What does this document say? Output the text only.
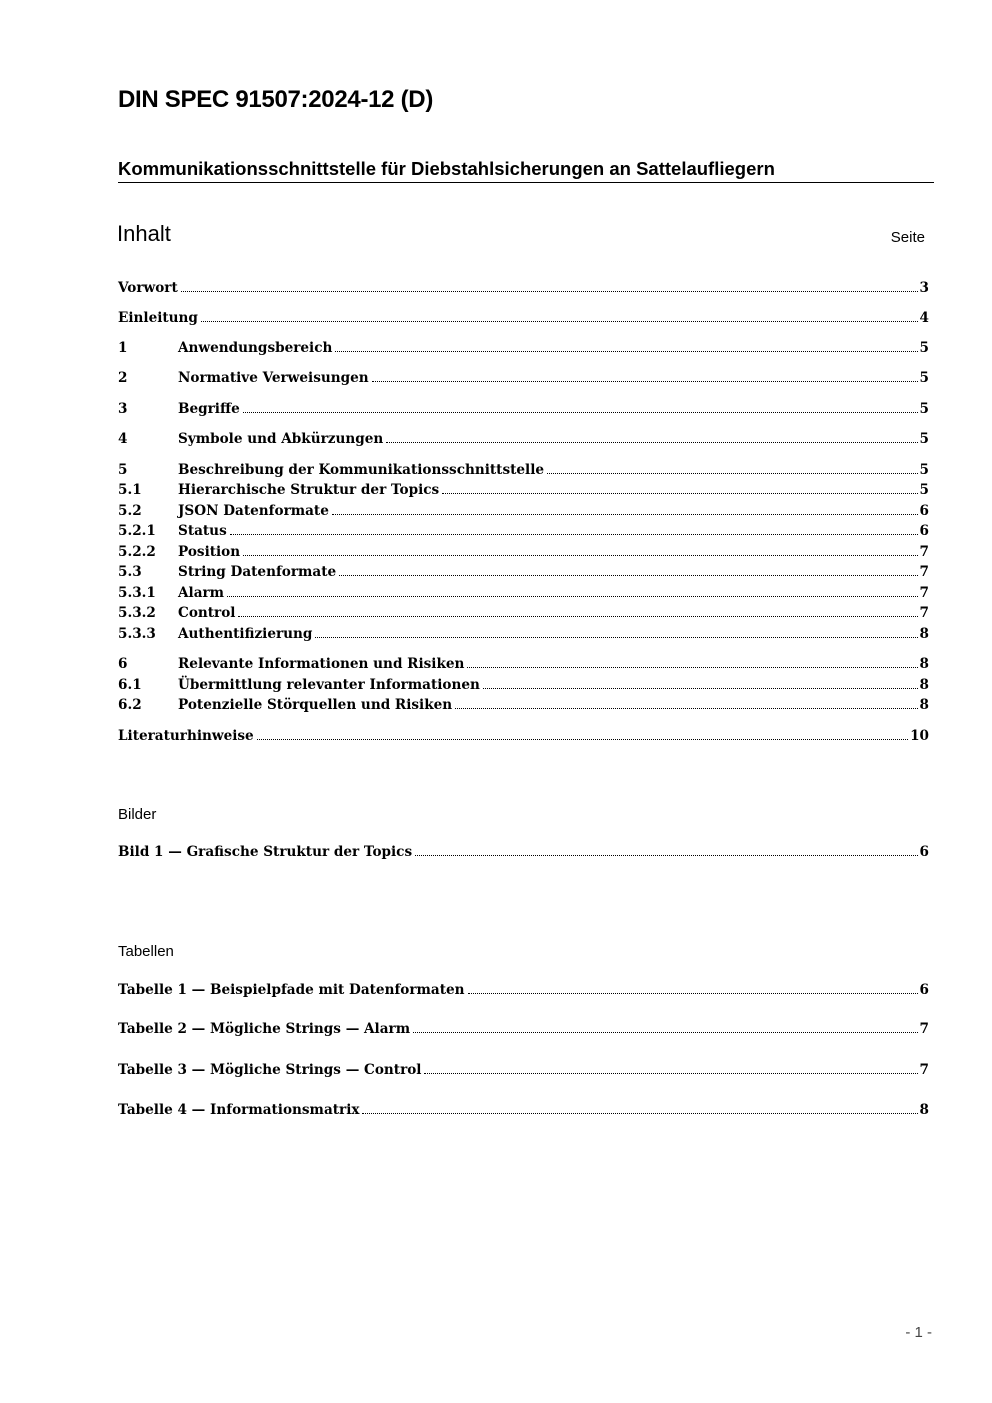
DIN SPEC 91507:2024-12 (D)
Kommunikationsschnittstelle für Diebstahlsicherungen an Sattelaufliegern
Inhalt	Seite
Vorwort	3
Einleitung	4
1	Anwendungsbereich	5
2	Normative Verweisungen	5
3	Begriffe	5
4	Symbole und Abkürzungen	5
5	Beschreibung der Kommunikationsschnittstelle	5
5.1	Hierarchische Struktur der Topics	5
5.2	JSON Datenformate	6
5.2.1	Status	6
5.2.2	Position	7
5.3	String Datenformate	7
5.3.1	Alarm	7
5.3.2	Control	7
5.3.3	Authentifizierung	8
6	Relevante Informationen und Risiken	8
6.1	Übermittlung relevanter Informationen	8
6.2	Potenzielle Störquellen und Risiken	8
Literaturhinweise	10
Bilder
Bild 1 — Grafische Struktur der Topics	6
Tabellen
Tabelle 1 — Beispielpfade mit Datenformaten	6
Tabelle 2 — Mögliche Strings — Alarm	7
Tabelle 3 — Mögliche Strings — Control	7
Tabelle 4 — Informationsmatrix	8
- 1 -
